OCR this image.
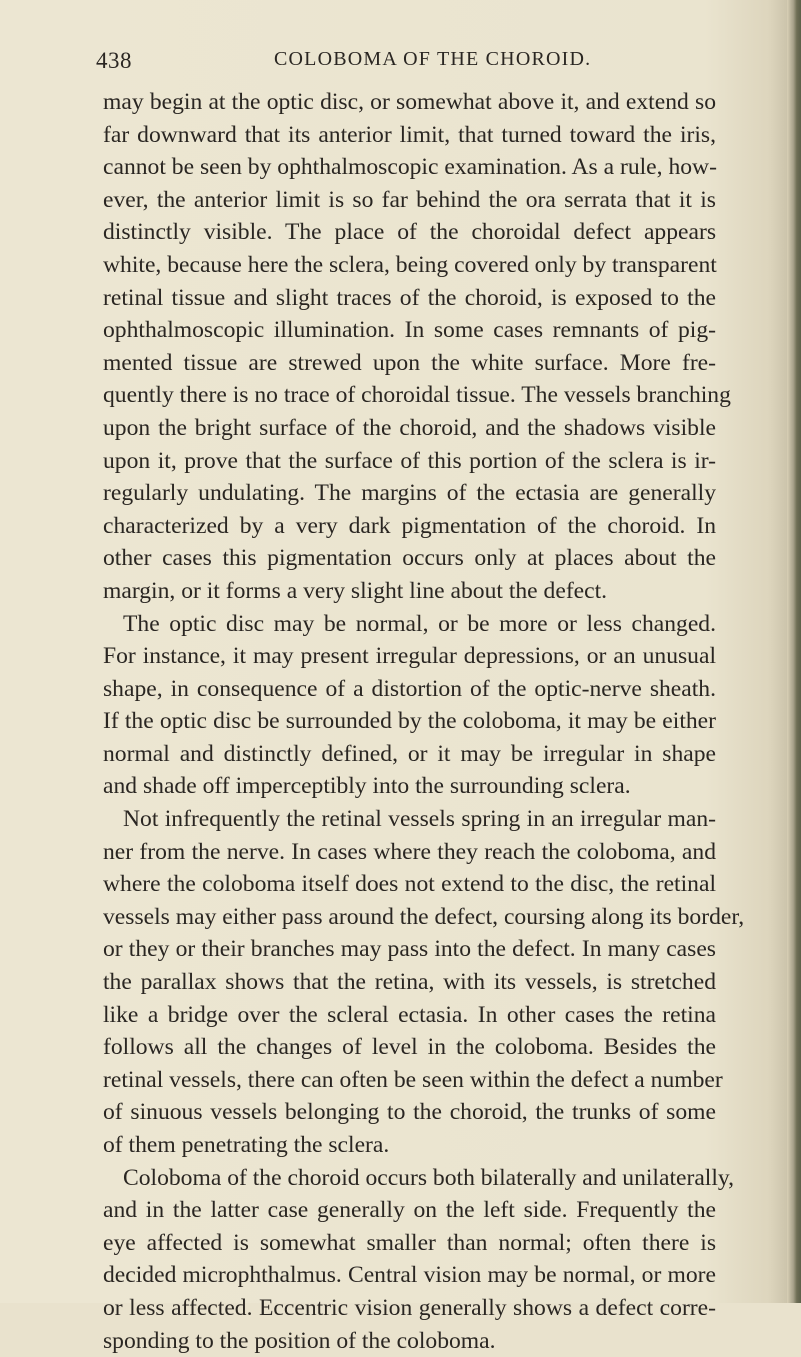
438	COLOBOMA OF THE CHOROID.
may begin at the optic disc, or somewhat above it, and extend so
far downward that its anterior limit, that turned toward the iris,
cannot be seen by ophthalmoscopic examination. As a rule, how-
ever, the anterior limit is so far behind the ora serrata that it is
distinctly visible. The place of the choroidal defect appears
white, because here the sclera, being covered only by transparent
retinal tissue and slight traces of the choroid, is exposed to the
ophthalmoscopic illumination. In some cases remnants of pig-
mented tissue are strewed upon the white surface. More fre-
quently there is no trace of choroidal tissue. The vessels branching
upon the bright surface of the choroid, and the shadows visible
upon it, prove that the surface of this portion of the sclera is ir-
regularly undulating. The margins of the ectasia are generally
characterized by a very dark pigmentation of the choroid. In
other cases this pigmentation occurs only at places about the
margin, or it forms a very slight line about the defect.
The optic disc may be normal, or be more or less changed.
For instance, it may present irregular depressions, or an unusual
shape, in consequence of a distortion of the optic-nerve sheath.
If the optic disc be surrounded by the coloboma, it may be either
normal and distinctly defined, or it may be irregular in shape
and shade off imperceptibly into the surrounding sclera.
Not infrequently the retinal vessels spring in an irregular man-
ner from the nerve. In cases where they reach the coloboma, and
where the coloboma itself does not extend to the disc, the retinal
vessels may either pass around the defect, coursing along its border,
or they or their branches may pass into the defect. In many cases
the parallax shows that the retina, with its vessels, is stretched
like a bridge over the scleral ectasia. In other cases the retina
follows all the changes of level in the coloboma. Besides the
retinal vessels, there can often be seen within the defect a number
of sinuous vessels belonging to the choroid, the trunks of some
of them penetrating the sclera.
Coloboma of the choroid occurs both bilaterally and unilaterally,
and in the latter case generally on the left side. Frequently the
eye affected is somewhat smaller than normal; often there is
decided microphthalmus. Central vision may be normal, or more
or less affected. Eccentric vision generally shows a defect corre-
sponding to the position of the coloboma.
